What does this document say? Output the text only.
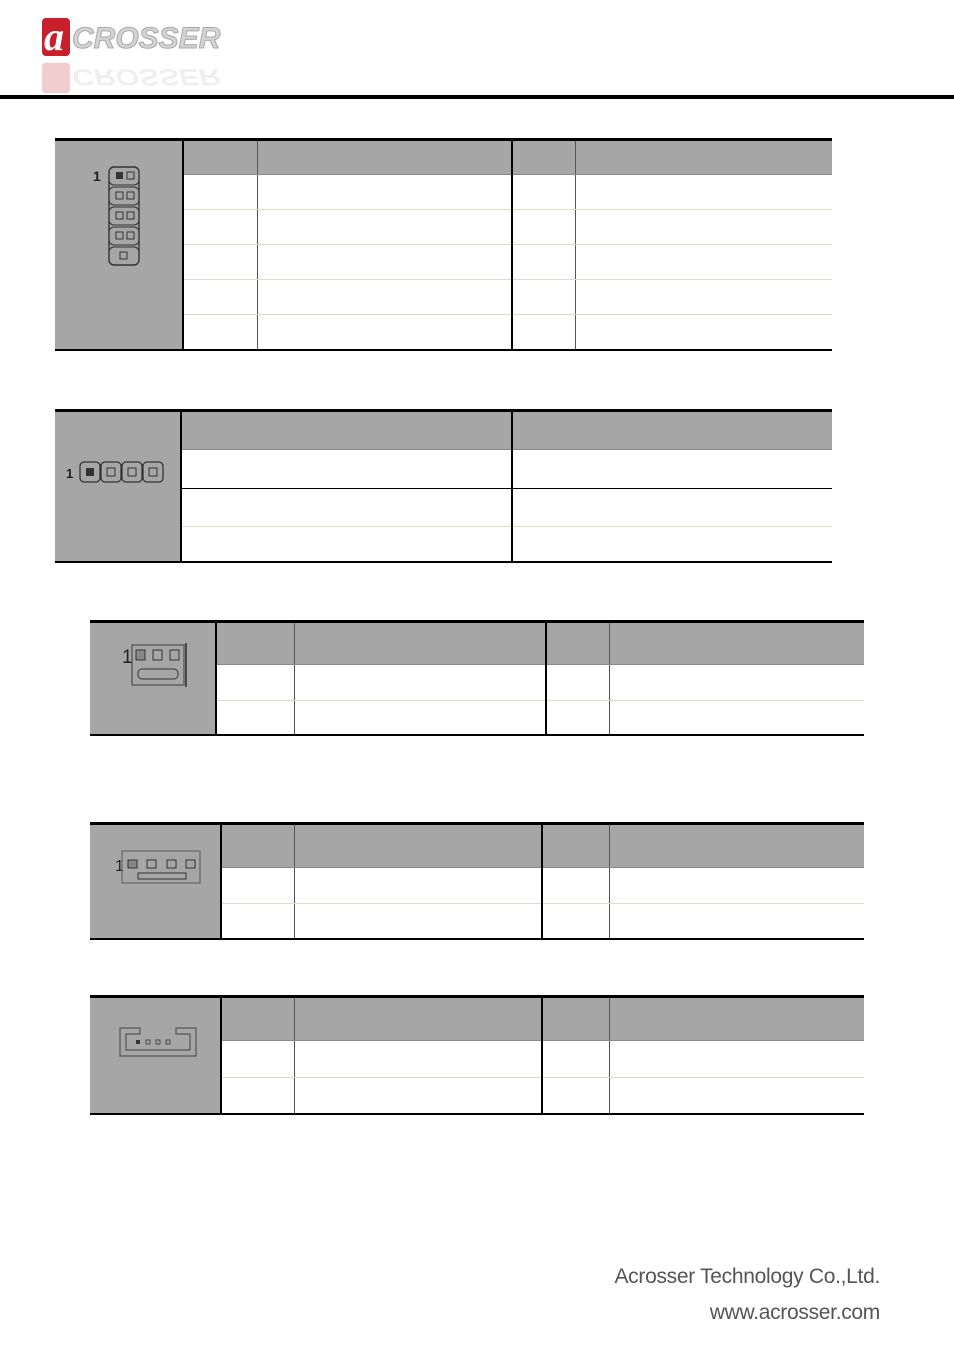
a CROSSER
CROSSER
1				

1		

1				

1				

Acrosser Technology Co.,Ltd.
www.acrosser.com
